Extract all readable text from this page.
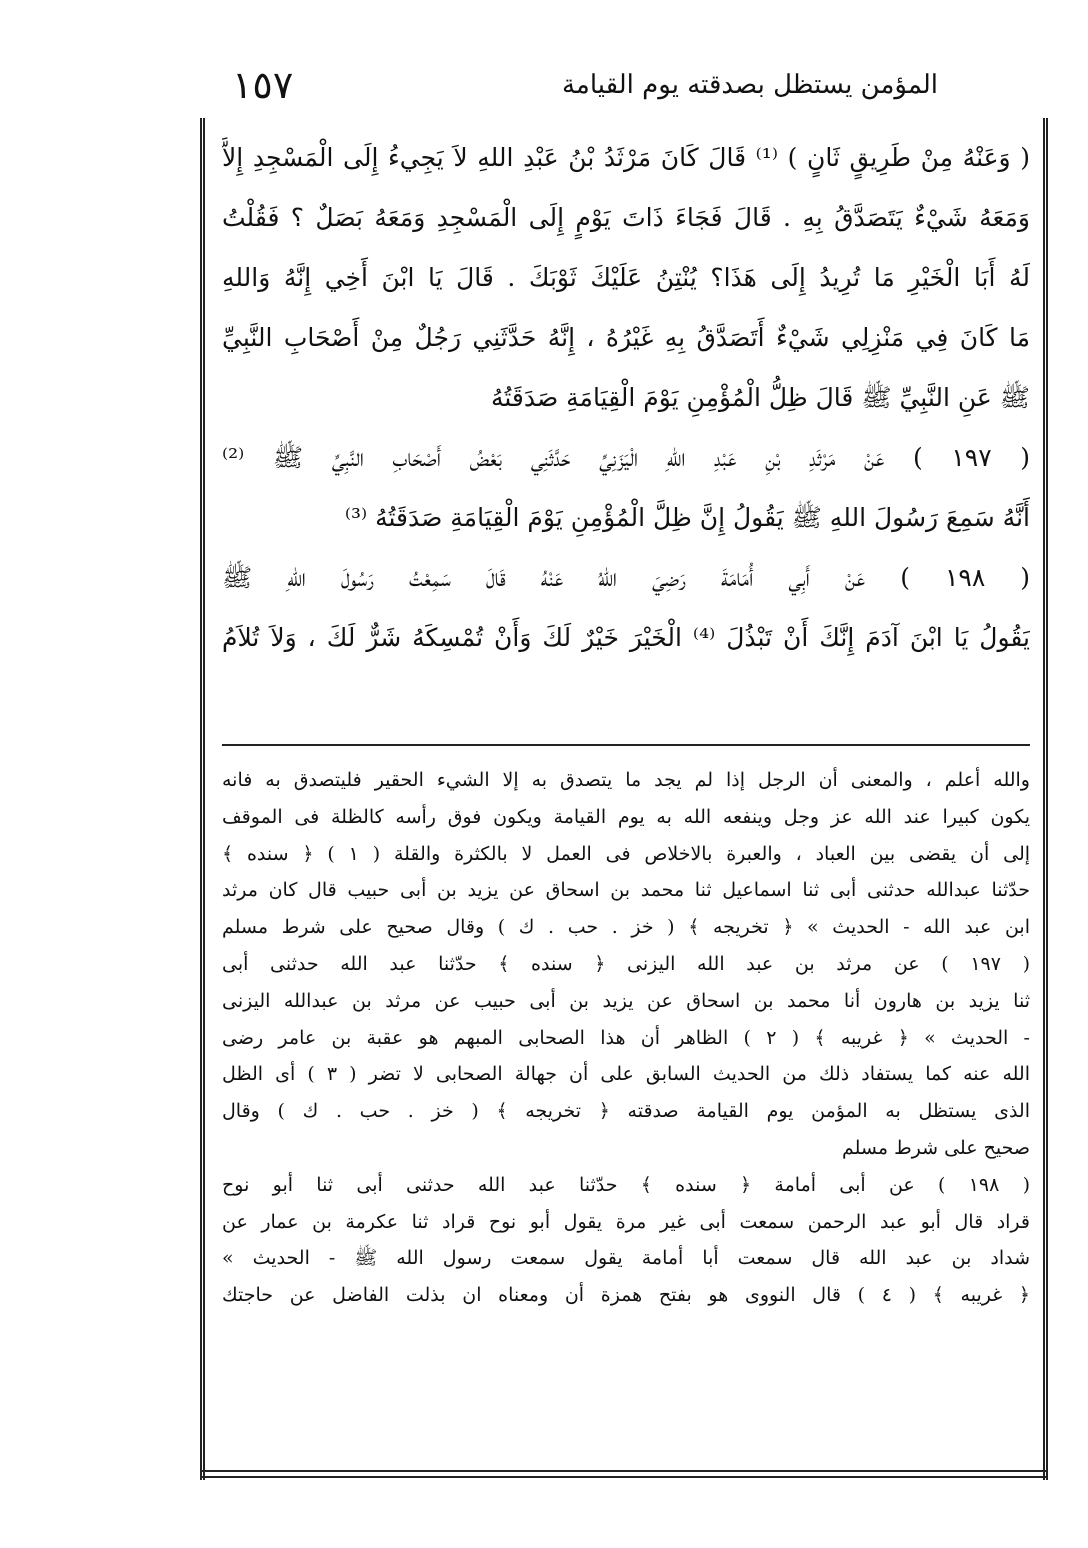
١٥٧	المؤمن يستظل بصدقته يوم القيامة
( وَعَنْهُ مِنْ طَرِيقٍ ثَانٍ ) ⁽¹⁾ قَالَ كَانَ مَرْثَدُ بْنُ عَبْدِ اللهِ لاَ يَجِيءُ إِلَى الْمَسْجِدِ إِلاَّ
وَمَعَهُ شَيْءٌ يَتَصَدَّقُ بِهِ . قَالَ فَجَاءَ ذَاتَ يَوْمٍ إِلَى الْمَسْجِدِ وَمَعَهُ بَصَلٌ ؟ فَقُلْتُ
لَهُ أَبَا الْخَيْرِ مَا تُرِيدُ إِلَى هَذَا؟ يُنْتِنُ عَلَيْكَ ثَوْبَكَ . قَالَ يَا ابْنَ أَخِي إِنَّهُ وَاللهِ
مَا كَانَ فِي مَنْزِلِي شَيْءٌ أَتَصَدَّقُ بِهِ غَيْرُهُ ، إِنَّهُ حَدَّثَنِي رَجُلٌ مِنْ أَصْحَابِ النَّبِيِّ
ﷺ عَنِ النَّبِيِّ ﷺ قَالَ ظِلُّ الْمُؤْمِنِ يَوْمَ الْقِيَامَةِ صَدَقَتُهُ
( ١٩٧ ) عَنْ مَرْثَدِ بْنِ عَبْدِ اللهِ الْيَزَنِيِّ حَدَّثَنِي بَعْضُ أَصْحَابِ النَّبِيِّ ﷺ ⁽²⁾
أَنَّهُ سَمِعَ رَسُولَ اللهِ ﷺ يَقُولُ إِنَّ ظِلَّ الْمُؤْمِنِ يَوْمَ الْقِيَامَةِ صَدَقَتُهُ ⁽³⁾
( ١٩٨ ) عَنْ أَبِي أُمَامَةَ رَضِيَ اللهُ عَنْهُ قَالَ سَمِعْتُ رَسُولَ اللهِ ﷺ
يَقُولُ يَا ابْنَ آدَمَ إِنَّكَ أَنْ تَبْذُلَ ⁽⁴⁾ الْخَيْرَ خَيْرٌ لَكَ وَأَنْ تُمْسِكَهُ شَرٌّ لَكَ ، وَلاَ تُلاَمُ
والله أعلم ، والمعنى أن الرجل إذا لم يجد ما يتصدق به إلا الشيء الحقير فليتصدق به فانه
يكون كبيرا عند الله عز وجل وينفعه الله به يوم القيامة ويكون فوق رأسه كالظلة فى الموقف
إلى أن يقضى بين العباد ، والعبرة بالاخلاص فى العمل لا بالكثرة والقلة ( ١ ) ﴿ سنده ﴾
حدّثنا عبدالله حدثنى أبى ثنا اسماعيل ثنا محمد بن اسحاق عن يزيد بن أبى حبيب قال كان مرثد
ابن عبد الله - الحديث » ﴿ تخريجه ﴾ ( خز . حب . ك ) وقال صحيح على شرط مسلم
( ١٩٧ ) عن مرثد بن عبد الله اليزنى ﴿ سنده ﴾ حدّثنا عبد الله حدثنى أبى
ثنا يزيد بن هارون أنا محمد بن اسحاق عن يزيد بن أبى حبيب عن مرثد بن عبدالله اليزنى
- الحديث » ﴿ غريبه ﴾ ( ٢ ) الظاهر أن هذا الصحابى المبهم هو عقبة بن عامر رضى
الله عنه كما يستفاد ذلك من الحديث السابق على أن جهالة الصحابى لا تضر ( ٣ ) أى الظل
الذى يستظل به المؤمن يوم القيامة صدقته ﴿ تخريجه ﴾ ( خز . حب . ك ) وقال
صحيح على شرط مسلم
( ١٩٨ ) عن أبى أمامة ﴿ سنده ﴾ حدّثنا عبد الله حدثنى أبى ثنا أبو نوح
قراد قال أبو عبد الرحمن سمعت أبى غير مرة يقول أبو نوح قراد ثنا عكرمة بن عمار عن
شداد بن عبد الله قال سمعت أبا أمامة يقول سمعت رسول الله ﷺ - الحديث »
﴿ غريبه ﴾ ( ٤ ) قال النووى هو بفتح همزة أن ومعناه ان بذلت الفاضل عن حاجتك
